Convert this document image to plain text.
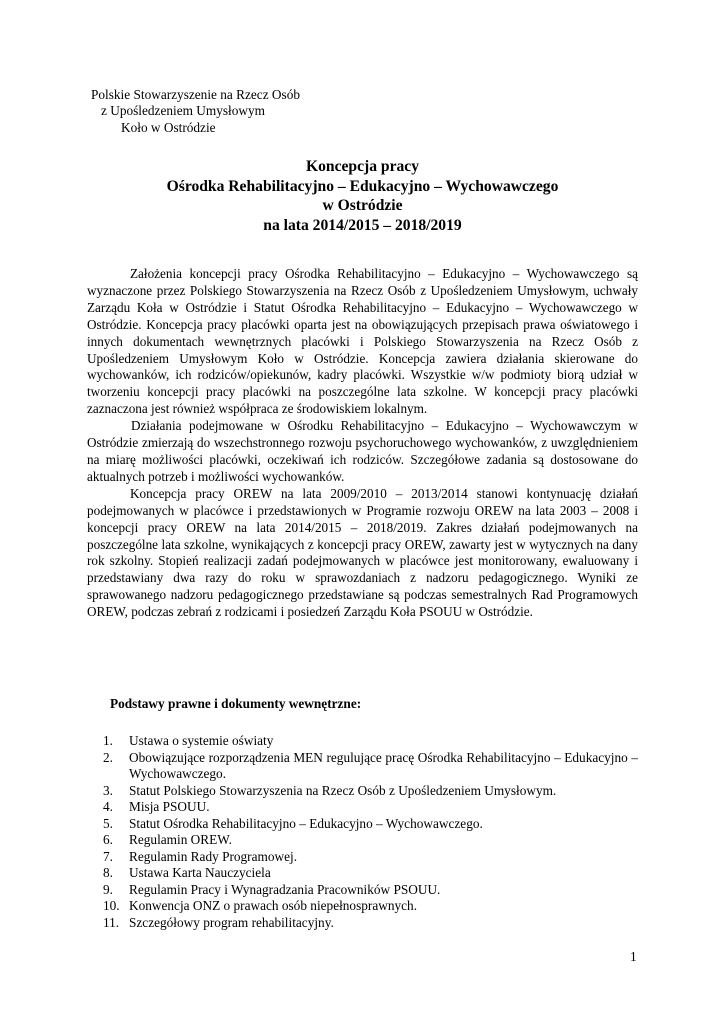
Polskie Stowarzyszenie na Rzecz Osób
z Upośledzeniem Umysłowym
Koło w Ostródzie
Koncepcja pracy
Ośrodka Rehabilitacyjno – Edukacyjno – Wychowawczego
w Ostródzie
na lata 2014/2015 – 2018/2019

Założenia koncepcji pracy Ośrodka Rehabilitacyjno – Edukacyjno – Wychowawczego są wyznaczone przez Polskiego Stowarzyszenia na Rzecz Osób z Upośledzeniem Umysłowym, uchwały Zarządu Koła w Ostródzie i Statut Ośrodka Rehabilitacyjno – Edukacyjno – Wychowawczego w Ostródzie. Koncepcja pracy placówki oparta jest na obowiązujących przepisach prawa oświatowego i innych dokumentach wewnętrznych placówki i Polskiego Stowarzyszenia na Rzecz Osób z Upośledzeniem Umysłowym Koło w Ostródzie. Koncepcja zawiera działania skierowane do wychowanków, ich rodziców/opiekunów, kadry placówki. Wszystkie w/w podmioty biorą udział w tworzeniu koncepcji pracy placówki na poszczególne lata szkolne. W koncepcji pracy placówki zaznaczona jest również współpraca ze środowiskiem lokalnym.

Działania podejmowane w Ośrodku Rehabilitacyjno – Edukacyjno – Wychowawczym w Ostródzie zmierzają do wszechstronnego rozwoju psychoruchowego wychowanków, z uwzględnieniem na miarę możliwości placówki, oczekiwań ich rodziców. Szczegółowe zadania są dostosowane do aktualnych potrzeb i możliwości wychowanków.

Koncepcja pracy OREW na lata 2009/2010 – 2013/2014 stanowi kontynuację działań podejmowanych w placówce i przedstawionych w Programie rozwoju OREW na lata 2003 – 2008 i koncepcji pracy OREW na lata 2014/2015 – 2018/2019. Zakres działań podejmowanych na poszczególne lata szkolne, wynikających z koncepcji pracy OREW, zawarty jest w wytycznych na dany rok szkolny. Stopień realizacji zadań podejmowanych w placówce jest monitorowany, ewaluowany i przedstawiany dwa razy do roku w sprawozdaniach z nadzoru pedagogicznego. Wyniki ze sprawowanego nadzoru pedagogicznego przedstawiane są podczas semestralnych Rad Programowych OREW, podczas zebrań z rodzicami i posiedzeń Zarządu Koła PSOUU w Ostródzie.

Podstawy prawne i dokumenty wewnętrzne:
1.	Ustawa o systemie oświaty
2.	Obowiązujące rozporządzenia MEN regulujące pracę Ośrodka Rehabilitacyjno – Edukacyjno – Wychowawczego.
3.	Statut Polskiego Stowarzyszenia na Rzecz Osób z Upośledzeniem Umysłowym.
4.	Misja PSOUU.
5.	Statut Ośrodka Rehabilitacyjno – Edukacyjno – Wychowawczego.
6.	Regulamin OREW.
7.	Regulamin Rady Programowej.
8.	Ustawa Karta Nauczyciela
9.	Regulamin Pracy i Wynagradzania Pracowników PSOUU.
10. Konwencja ONZ o prawach osób niepełnosprawnych.
11. Szczegółowy program rehabilitacyjny.
1
